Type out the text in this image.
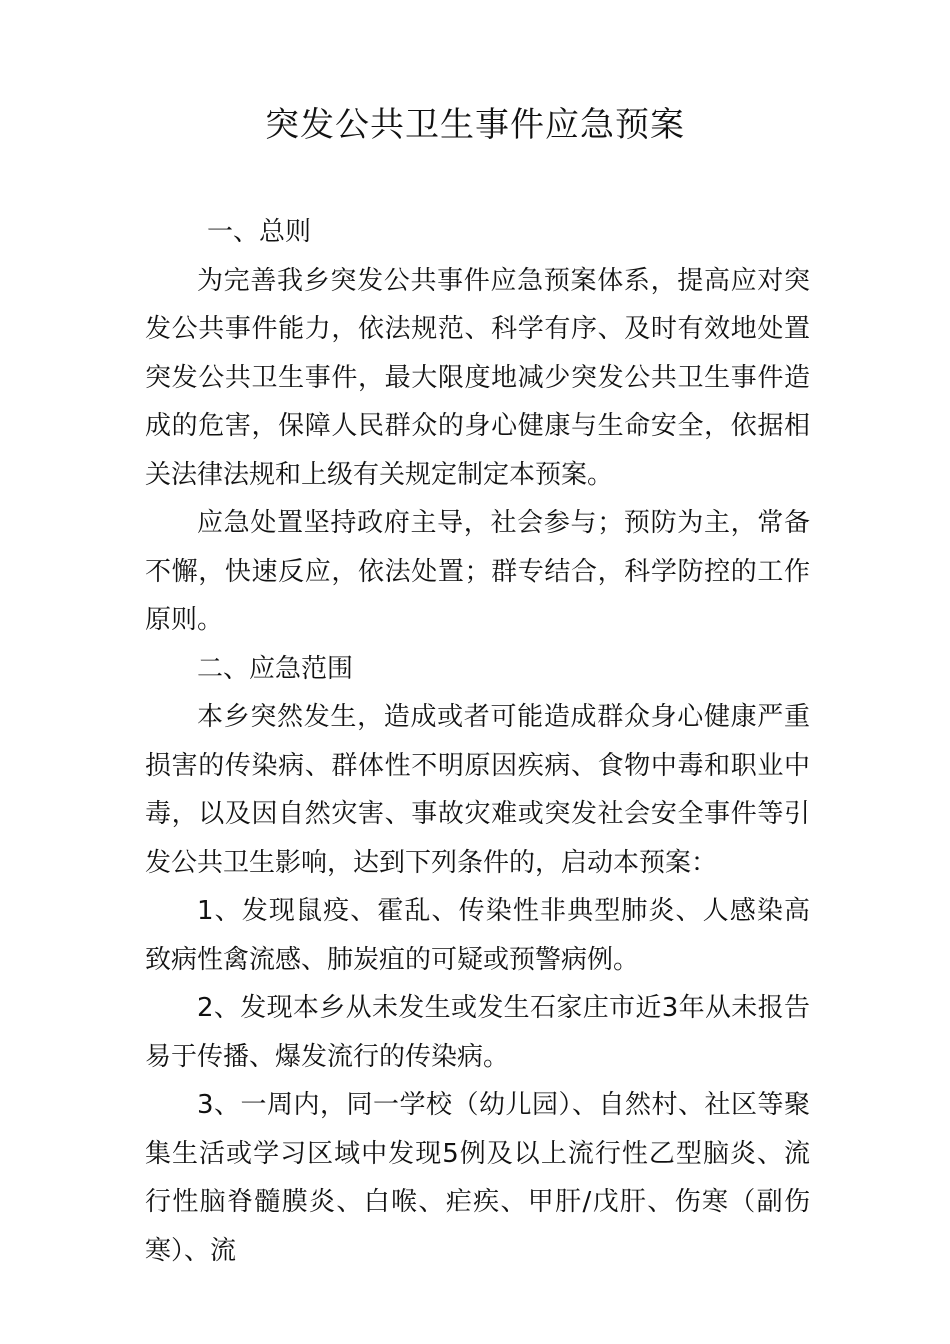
突发公共卫生事件应急预案

一、总则

为完善我乡突发公共事件应急预案体系，提高应对突发公共事件能力，依法规范、科学有序、及时有效地处置突发公共卫生事件，最大限度地减少突发公共卫生事件造成的危害，保障人民群众的身心健康与生命安全，依据相关法律法规和上级有关规定制定本预案。

应急处置坚持政府主导，社会参与；预防为主，常备不懈，快速反应，依法处置；群专结合，科学防控的工作原则。

二、应急范围

本乡突然发生，造成或者可能造成群众身心健康严重损害的传染病、群体性不明原因疾病、食物中毒和职业中毒，以及因自然灾害、事故灾难或突发社会安全事件等引发公共卫生影响，达到下列条件的，启动本预案：

1、发现鼠疫、霍乱、传染性非典型肺炎、人感染高致病性禽流感、肺炭疽的可疑或预警病例。

2、发现本乡从未发生或发生石家庄市近3年从未报告易于传播、爆发流行的传染病。

3、一周内，同一学校（幼儿园）、自然村、社区等聚集生活或学习区域中发现5例及以上流行性乙型脑炎、流行性脑脊髓膜炎、白喉、疟疾、甲肝/戊肝、伤寒（副伤寒）、流
